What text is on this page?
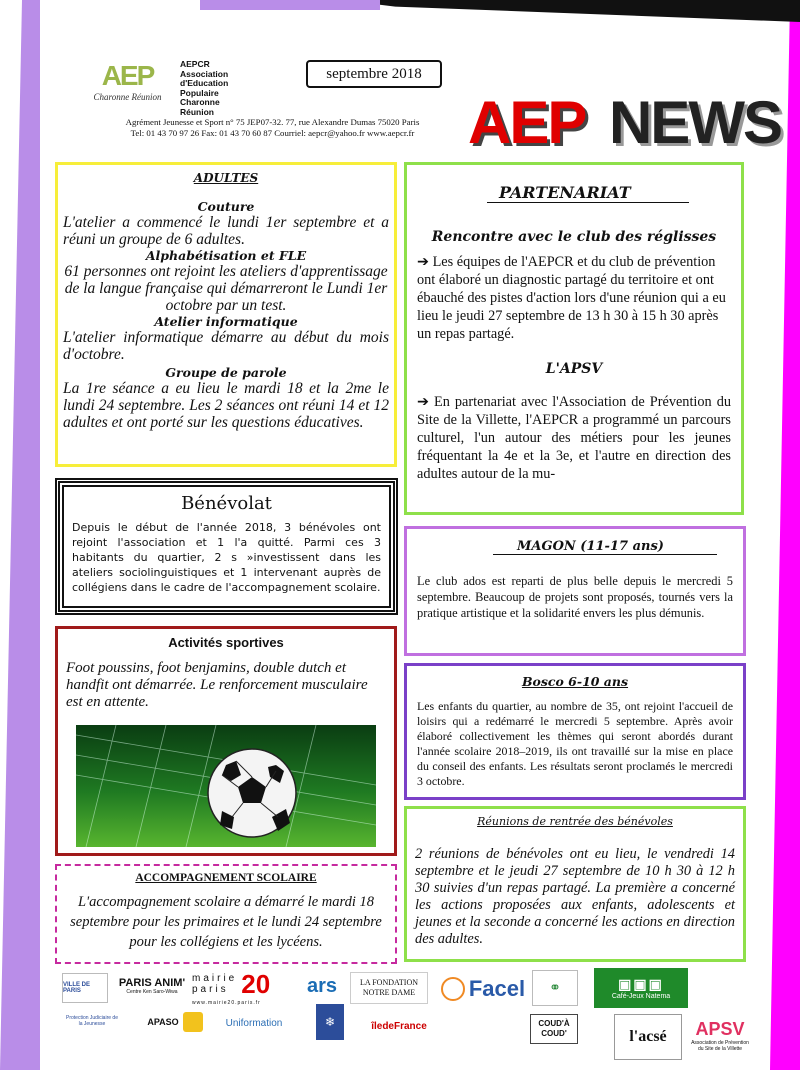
AEP
Charonne Réunion
AEPCR
Association
d'Education
Populaire
Charonne
Réunion
septembre 2018
Agrément Jeunesse et Sport n° 75 JEP07-32. 77, rue Alexandre Dumas 75020 Paris
Tel: 01 43 70 97 26 Fax: 01 43 70 60 87 Courriel: aepcr@yahoo.fr www.aepcr.fr AEP NEWS
ADULTES
Couture
L'atelier a commencé le lundi 1er septembre et a réuni un groupe de 6 adultes.
Alphabétisation et FLE
61 personnes ont rejoint les ateliers d'apprentissage de la langue française qui démarreront le Lundi 1er octobre par un test.
Atelier informatique
L'atelier informatique démarre au début du mois d'octobre.
Groupe de parole
La 1re séance a eu lieu le mardi 18 et la 2me le lundi 24 septembre. Les 2 séances ont réuni 14 et 12 adultes et ont porté sur les questions éducatives.
Bénévolat
Depuis le début de l'année 2018, 3 bénévoles ont rejoint l'association et 1 l'a quitté. Parmi ces 3 habitants du quartier, 2 s »investissent dans les ateliers sociolinguistiques et 1 intervenant auprès de collégiens dans le cadre de l'accompagnement scolaire.
Activités sportives
Foot poussins, foot benjamins, double dutch et handfit ont démarrée. Le renforcement musculaire est en attente.
ACCOMPAGNEMENT SCOLAIRE
L'accompagnement scolaire a démarré le mardi 18 septembre pour les primaires et le lundi 24 septembre pour les collégiens et les lycéens.
PARTENARIAT
Rencontre avec le club des réglisses
➔ Les équipes de l'AEPCR et du club de prévention ont élaboré un diagnostic partagé du territoire et ont ébauché des pistes d'action lors d'une réunion qui a eu lieu le jeudi 27 septembre de 13 h 30 à 15 h 30 après un repas partagé.
L'APSV
➔ En partenariat avec l'Association de Prévention du Site de la Villette, l'AEPCR a programmé un parcours culturel, l'un autour des métiers pour les jeunes fréquentant la 4e et la 3e, et l'autre en direction des adultes autour de la mu-
MAGON (11-17 ans)
Le club ados est reparti de plus belle depuis le mercredi 5 septembre. Beaucoup de projets sont proposés, tournés vers la pratique artistique et la solidarité envers les plus démunis.
Bosco 6-10 ans
Les enfants du quartier, au nombre de 35, ont rejoint l'accueil de loisirs qui a redémarré le mercredi 5 septembre. Après avoir élaboré collectivement les thèmes qui seront abordés durant l'année scolaire 2018–2019, ils ont travaillé sur la mise en place du conseil des enfants. Les résultats seront proclamés le mercredi 3 octobre.
Réunions de rentrée des bénévoles
2 réunions de bénévoles ont eu lieu, le vendredi 14 septembre et le jeudi 27 septembre de 10 h 30 à 12 h 30 suivies d'un repas partagé. La première a concerné les actions proposées aux enfants, adolescents et jeunes et la seconde a concerné les actions en direction des adultes.
VILLE DE PARIS
PARIS ANIM'
Centre Ken Saro-Wiwa
mairie
paris 20
www.mairie20.paris.fr
ars	LA FONDATION NOTRE DAME	Facel ⚭	▣▣▣
Café-Jeux Natema
Protection Judiciaire de la Jeunesse	APASO	Uniformation	❄	îledeFrance	COUD'À COUD'	l'acsé APSV
Association de Prévention du Site de la Villette
